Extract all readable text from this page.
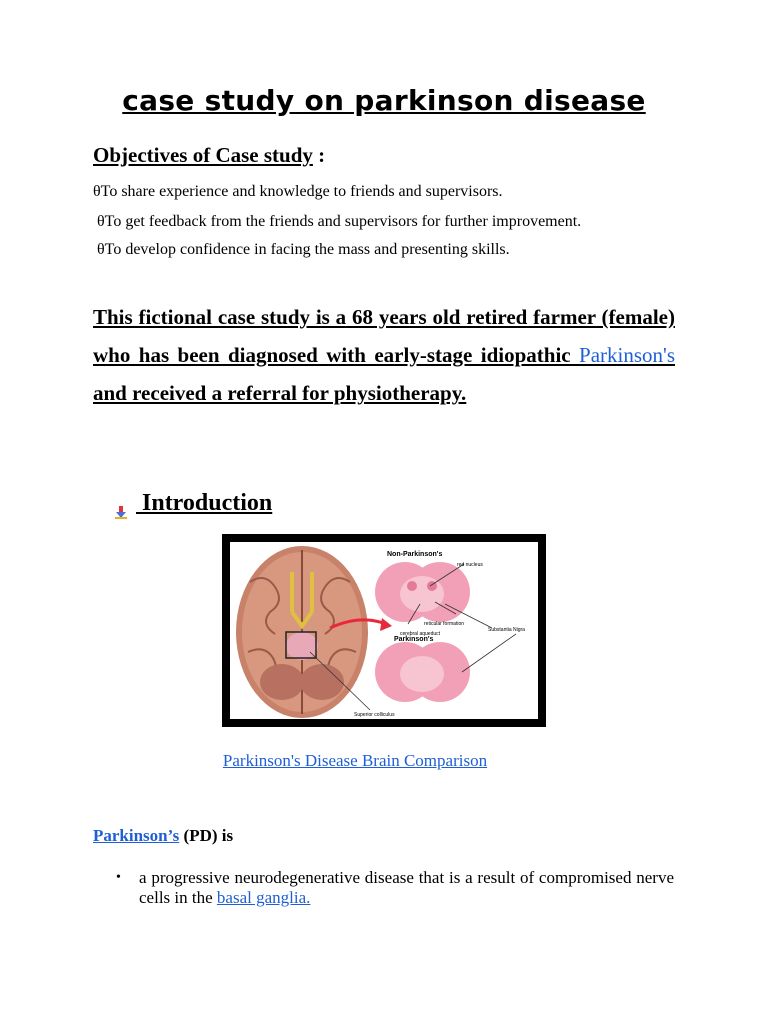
case study on parkinson disease
Objectives of Case study :
θTo share experience and knowledge to friends and supervisors.
θTo get feedback from the friends and supervisors for further improvement.
θTo develop confidence in facing the mass and presenting skills.
This fictional case study is a 68 years old retired farmer (female) who has been diagnosed with early-stage idiopathic Parkinson's and received a referral for physiotherapy.
Introduction
Non-Parkinson's
red nucleus
reticular formation
cerebral aqueduct
Substantia Nigra
Parkinson's
Superior colliculus
Parkinson's Disease Brain Comparison
Parkinson’s (PD) is
• a progressive neurodegenerative disease that is a result of compromised nerve cells in the basal ganglia.
